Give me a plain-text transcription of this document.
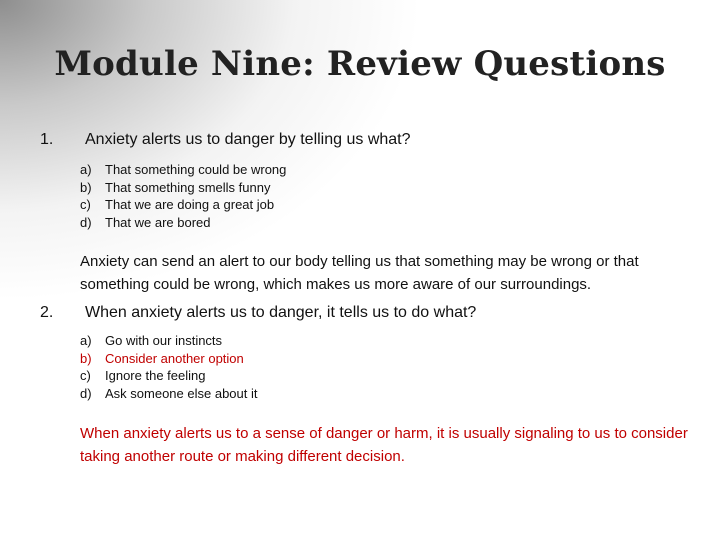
Module Nine: Review Questions
1. Anxiety alerts us to danger by telling us what?
a)	That something could be wrong
b)	That something smells funny
c)	That we are doing a great job
d)	That we are bored
Anxiety can send an alert to our body telling us that something may be wrong or that something could be wrong, which makes us more aware of our surroundings.
2. When anxiety alerts us to danger, it tells us to do what?
a)	Go with our instincts
b)	Consider another option
c)	Ignore the feeling
d)	Ask someone else about it
When anxiety alerts us to a sense of danger or harm, it is usually signaling to us to consider taking another route or making different decision.
